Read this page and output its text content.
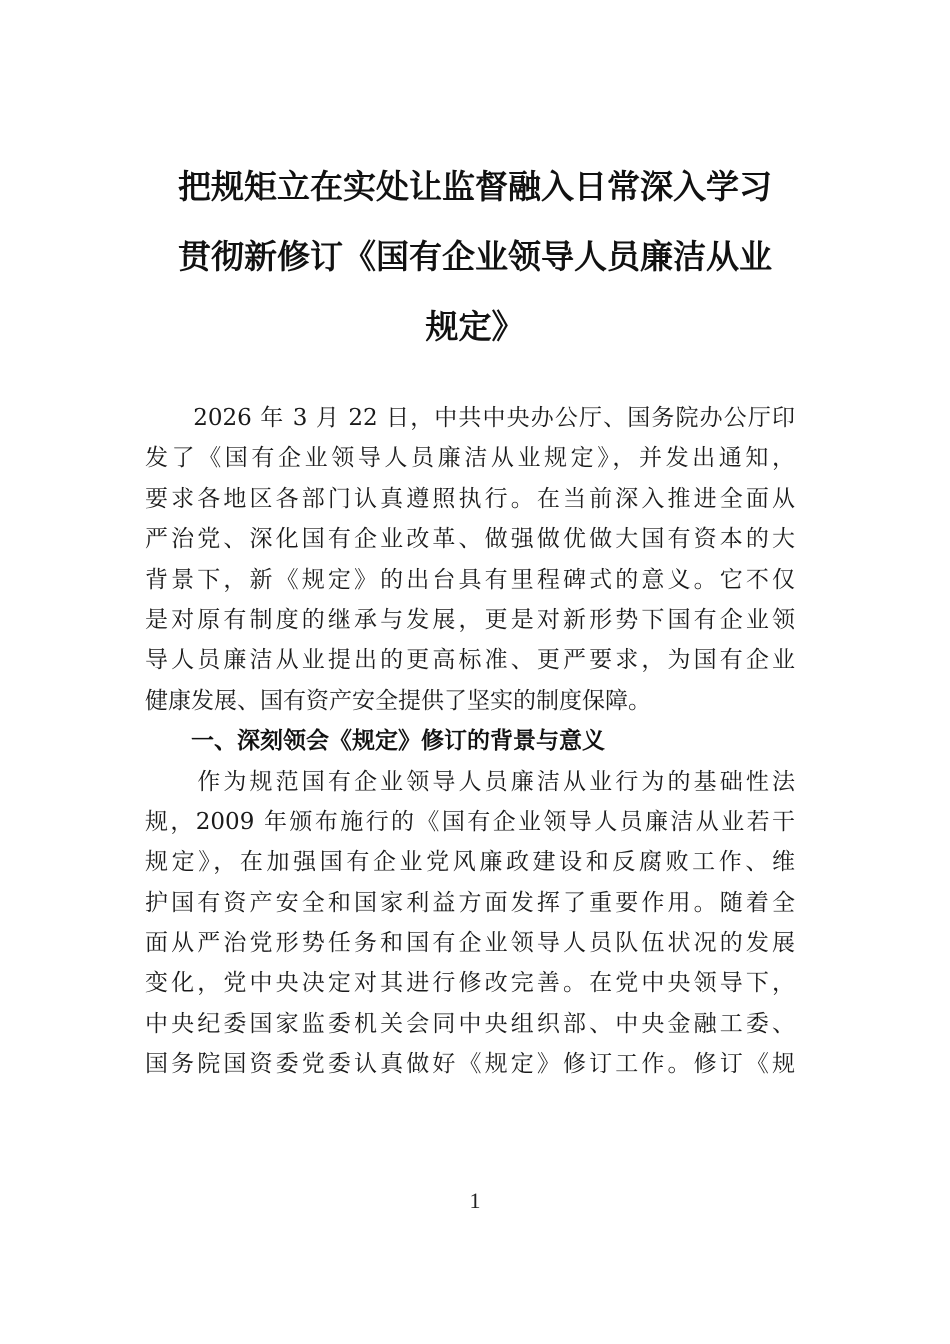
把规矩立在实处让监督融入日常深入学习
贯彻新修订《国有企业领导人员廉洁从业
规定》
　　2026 年 3 月 22 日，中共中央办公厅、国务院办公厅印
发了《国有企业领导人员廉洁从业规定》，并发出通知，
要求各地区各部门认真遵照执行。在当前深入推进全面从
严治党、深化国有企业改革、做强做优做大国有资本的大
背景下，新《规定》的出台具有里程碑式的意义。它不仅
是对原有制度的继承与发展，更是对新形势下国有企业领
导人员廉洁从业提出的更高标准、更严要求，为国有企业
健康发展、国有资产安全提供了坚实的制度保障。
　　一、深刻领会《规定》修订的背景与意义
　　作为规范国有企业领导人员廉洁从业行为的基础性法
规，2009 年颁布施行的《国有企业领导人员廉洁从业若干
规定》，在加强国有企业党风廉政建设和反腐败工作、维
护国有资产安全和国家利益方面发挥了重要作用。随着全
面从严治党形势任务和国有企业领导人员队伍状况的发展
变化，党中央决定对其进行修改完善。在党中央领导下，
中央纪委国家监委机关会同中央组织部、中央金融工委、
国务院国资委党委认真做好《规定》修订工作。修订《规
1
